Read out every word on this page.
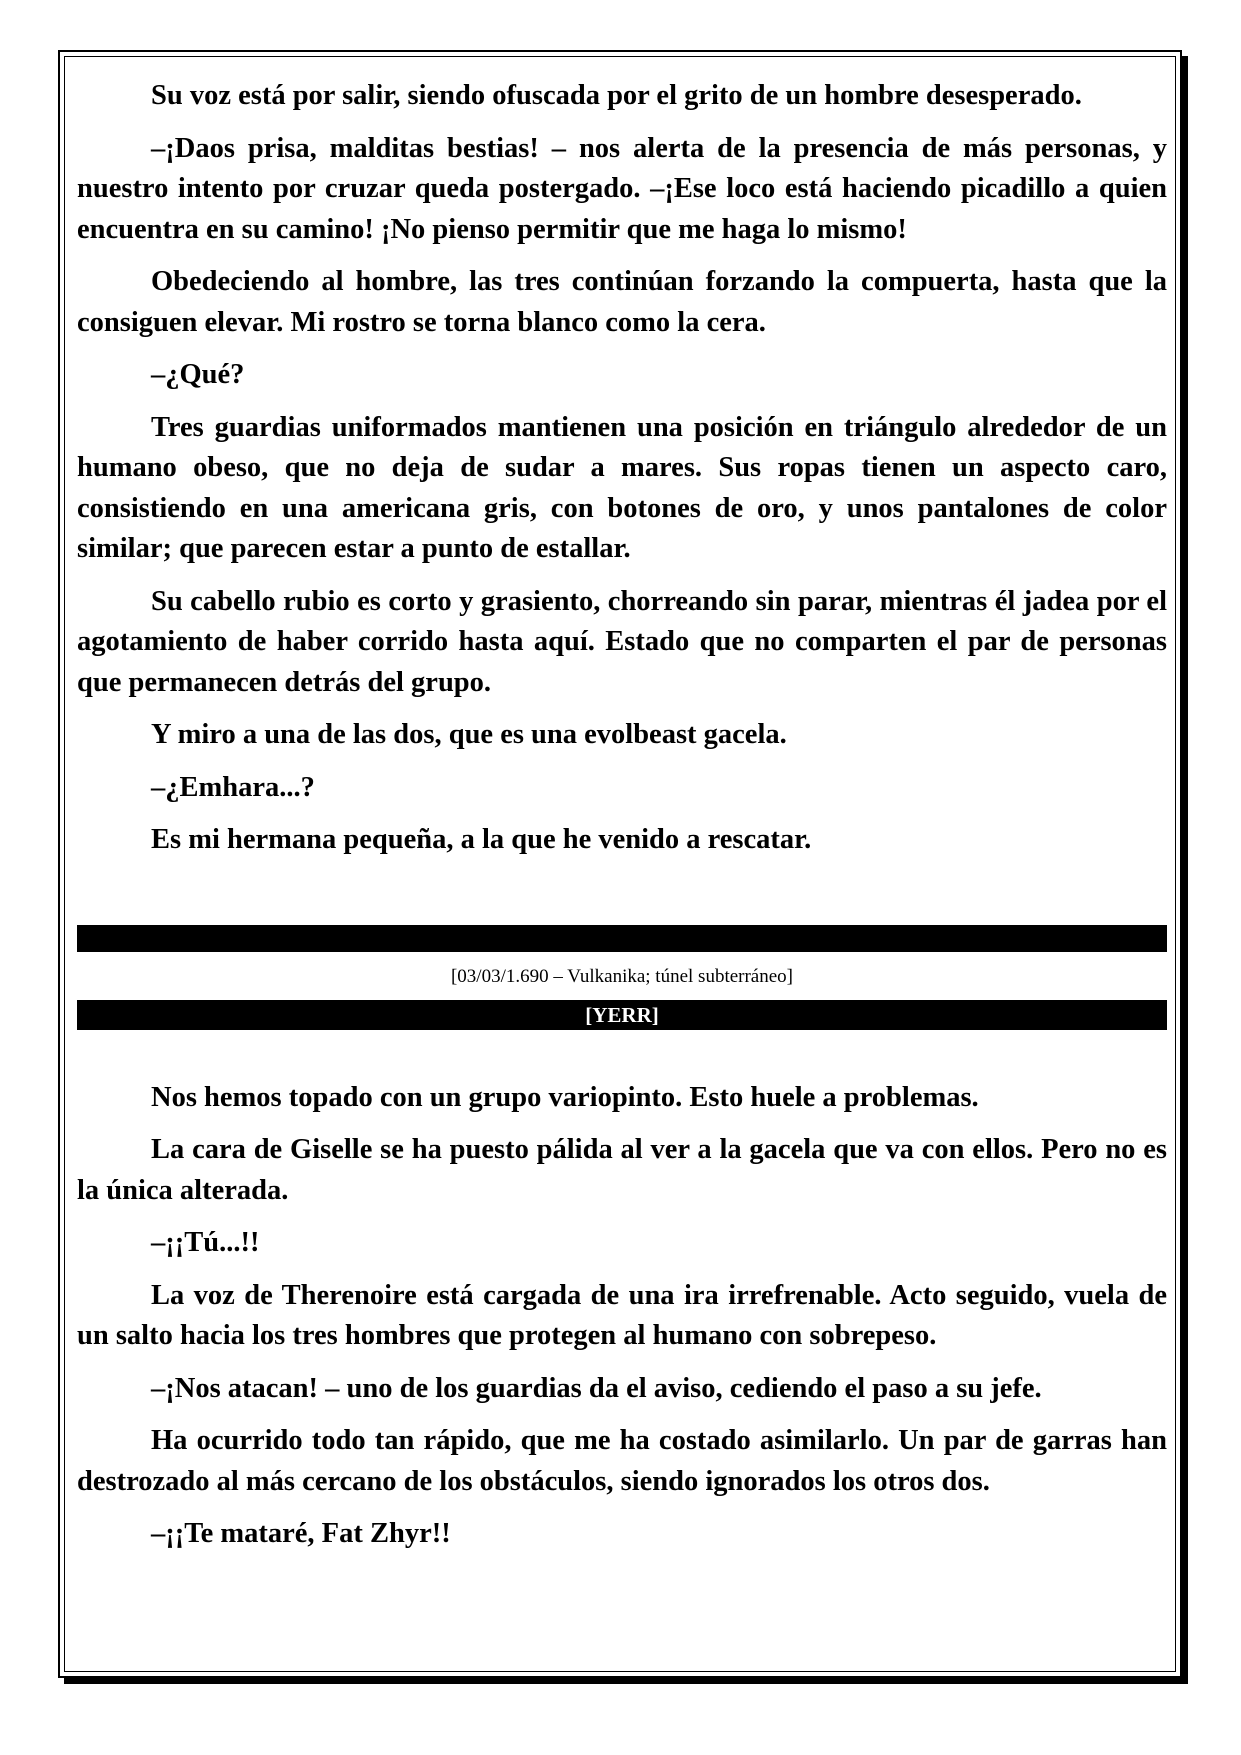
Su voz está por salir, siendo ofuscada por el grito de un hombre desesperado.

–¡Daos prisa, malditas bestias! – nos alerta de la presencia de más personas, y nuestro intento por cruzar queda postergado. –¡Ese loco está haciendo picadillo a quien encuentra en su camino! ¡No pienso permitir que me haga lo mismo!

Obedeciendo al hombre, las tres continúan forzando la compuerta, hasta que la consiguen elevar. Mi rostro se torna blanco como la cera.

–¿Qué?

Tres guardias uniformados mantienen una posición en triángulo alrededor de un humano obeso, que no deja de sudar a mares. Sus ropas tienen un aspecto caro, consistiendo en una americana gris, con botones de oro, y unos pantalones de color similar; que parecen estar a punto de estallar.

Su cabello rubio es corto y grasiento, chorreando sin parar, mientras él jadea por el agotamiento de haber corrido hasta aquí. Estado que no comparten el par de personas que permanecen detrás del grupo.

Y miro a una de las dos, que es una evolbeast gacela.

–¿Emhara...?

Es mi hermana pequeña, a la que he venido a rescatar.

[03/03/1.690 – Vulkanika; túnel subterráneo]
[YERR]

Nos hemos topado con un grupo variopinto. Esto huele a problemas.

La cara de Giselle se ha puesto pálida al ver a la gacela que va con ellos. Pero no es la única alterada.

–¡¡Tú...!!

La voz de Therenoire está cargada de una ira irrefrenable. Acto seguido, vuela de un salto hacia los tres hombres que protegen al humano con sobrepeso.

–¡Nos atacan! – uno de los guardias da el aviso, cediendo el paso a su jefe.

Ha ocurrido todo tan rápido, que me ha costado asimilarlo. Un par de garras han destrozado al más cercano de los obstáculos, siendo ignorados los otros dos.

–¡¡Te mataré, Fat Zhyr!!
